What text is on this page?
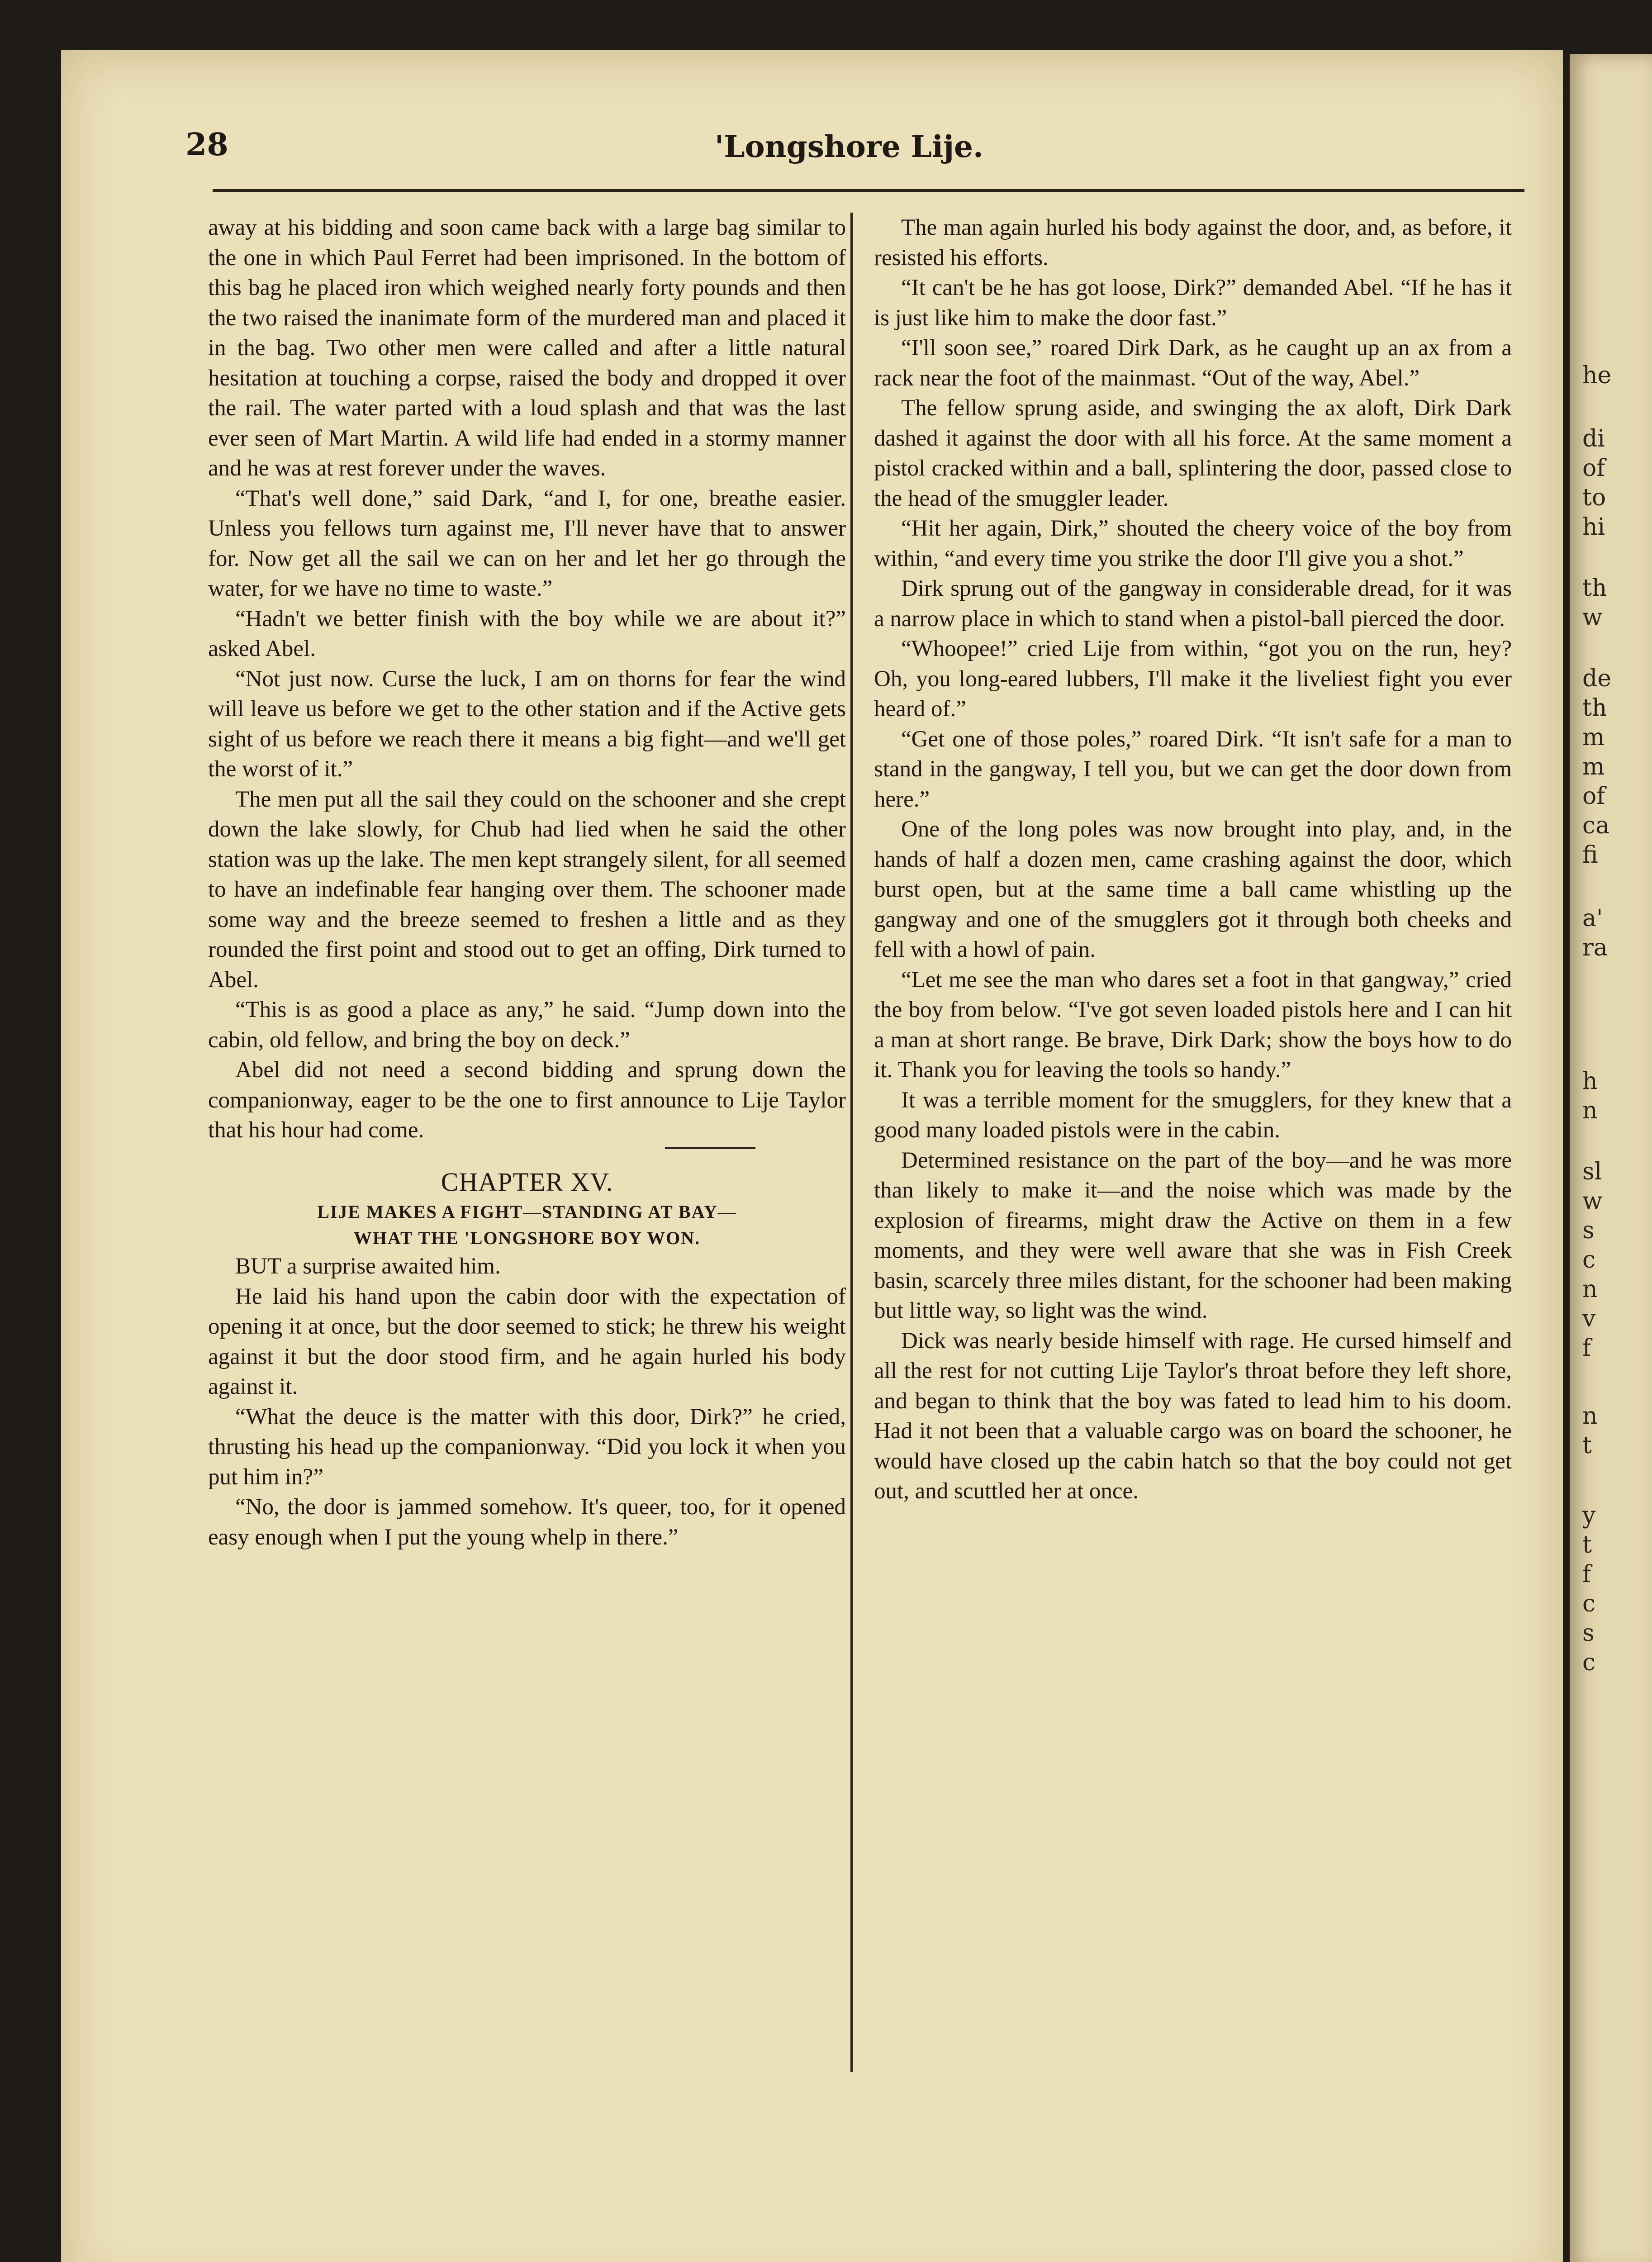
he
di
of
to
hi
th
w
de
th
m
m
of
ca
fi
a'
ra
h
n
sl
w
s
c
n
v
f
n
t
y
t
f
c
s
c
28	'Longshore Lije.

away at his bidding and soon came back with a large bag similar to the one in which Paul Ferret had been imprisoned. In the bottom of this bag he placed iron which weighed nearly forty pounds and then the two raised the inanimate form of the murdered man and placed it in the bag. Two other men were called and after a little natural hesitation at touching a corpse, raised the body and dropped it over the rail. The water parted with a loud splash and that was the last ever seen of Mart Martin. A wild life had ended in a stormy manner and he was at rest forever under the waves.

“That's well done,” said Dark, “and I, for one, breathe easier. Unless you fellows turn against me, I'll never have that to answer for. Now get all the sail we can on her and let her go through the water, for we have no time to waste.”

“Hadn't we better finish with the boy while we are about it?” asked Abel.

“Not just now. Curse the luck, I am on thorns for fear the wind will leave us before we get to the other station and if the Active gets sight of us before we reach there it means a big fight—and we'll get the worst of it.”

The men put all the sail they could on the schooner and she crept down the lake slowly, for Chub had lied when he said the other station was up the lake. The men kept strangely silent, for all seemed to have an indefinable fear hanging over them. The schooner made some way and the breeze seemed to freshen a little and as they rounded the first point and stood out to get an offing, Dirk turned to Abel.

“This is as good a place as any,” he said. “Jump down into the cabin, old fellow, and bring the boy on deck.”

Abel did not need a second bidding and sprung down the companionway, eager to be the one to first announce to Lije Taylor that his hour had come.

CHAPTER XV.
LIJE MAKES A FIGHT—STANDING AT BAY—
WHAT THE 'LONGSHORE BOY WON.

BUT a surprise awaited him.

He laid his hand upon the cabin door with the expectation of opening it at once, but the door seemed to stick; he threw his weight against it but the door stood firm, and he again hurled his body against it.

“What the deuce is the matter with this door, Dirk?” he cried, thrusting his head up the companionway. “Did you lock it when you put him in?”

“No, the door is jammed somehow. It's queer, too, for it opened easy enough when I put the young whelp in there.”

The man again hurled his body against the door, and, as before, it resisted his efforts.

“It can't be he has got loose, Dirk?” demanded Abel. “If he has it is just like him to make the door fast.”

“I'll soon see,” roared Dirk Dark, as he caught up an ax from a rack near the foot of the mainmast. “Out of the way, Abel.”

The fellow sprung aside, and swinging the ax aloft, Dirk Dark dashed it against the door with all his force. At the same moment a pistol cracked within and a ball, splintering the door, passed close to the head of the smuggler leader.

“Hit her again, Dirk,” shouted the cheery voice of the boy from within, “and every time you strike the door I'll give you a shot.”

Dirk sprung out of the gangway in considerable dread, for it was a narrow place in which to stand when a pistol-ball pierced the door.

“Whoopee!” cried Lije from within, “got you on the run, hey? Oh, you long-eared lubbers, I'll make it the liveliest fight you ever heard of.”

“Get one of those poles,” roared Dirk. “It isn't safe for a man to stand in the gangway, I tell you, but we can get the door down from here.”

One of the long poles was now brought into play, and, in the hands of half a dozen men, came crashing against the door, which burst open, but at the same time a ball came whistling up the gangway and one of the smugglers got it through both cheeks and fell with a howl of pain.

“Let me see the man who dares set a foot in that gangway,” cried the boy from below. “I've got seven loaded pistols here and I can hit a man at short range. Be brave, Dirk Dark; show the boys how to do it. Thank you for leaving the tools so handy.”

It was a terrible moment for the smugglers, for they knew that a good many loaded pistols were in the cabin.

Determined resistance on the part of the boy—and he was more than likely to make it—and the noise which was made by the explosion of firearms, might draw the Active on them in a few moments, and they were well aware that she was in Fish Creek basin, scarcely three miles distant, for the schooner had been making but little way, so light was the wind.

Dick was nearly beside himself with rage. He cursed himself and all the rest for not cutting Lije Taylor's throat before they left shore, and began to think that the boy was fated to lead him to his doom. Had it not been that a valuable cargo was on board the schooner, he would have closed up the cabin hatch so that the boy could not get out, and scuttled her at once.
